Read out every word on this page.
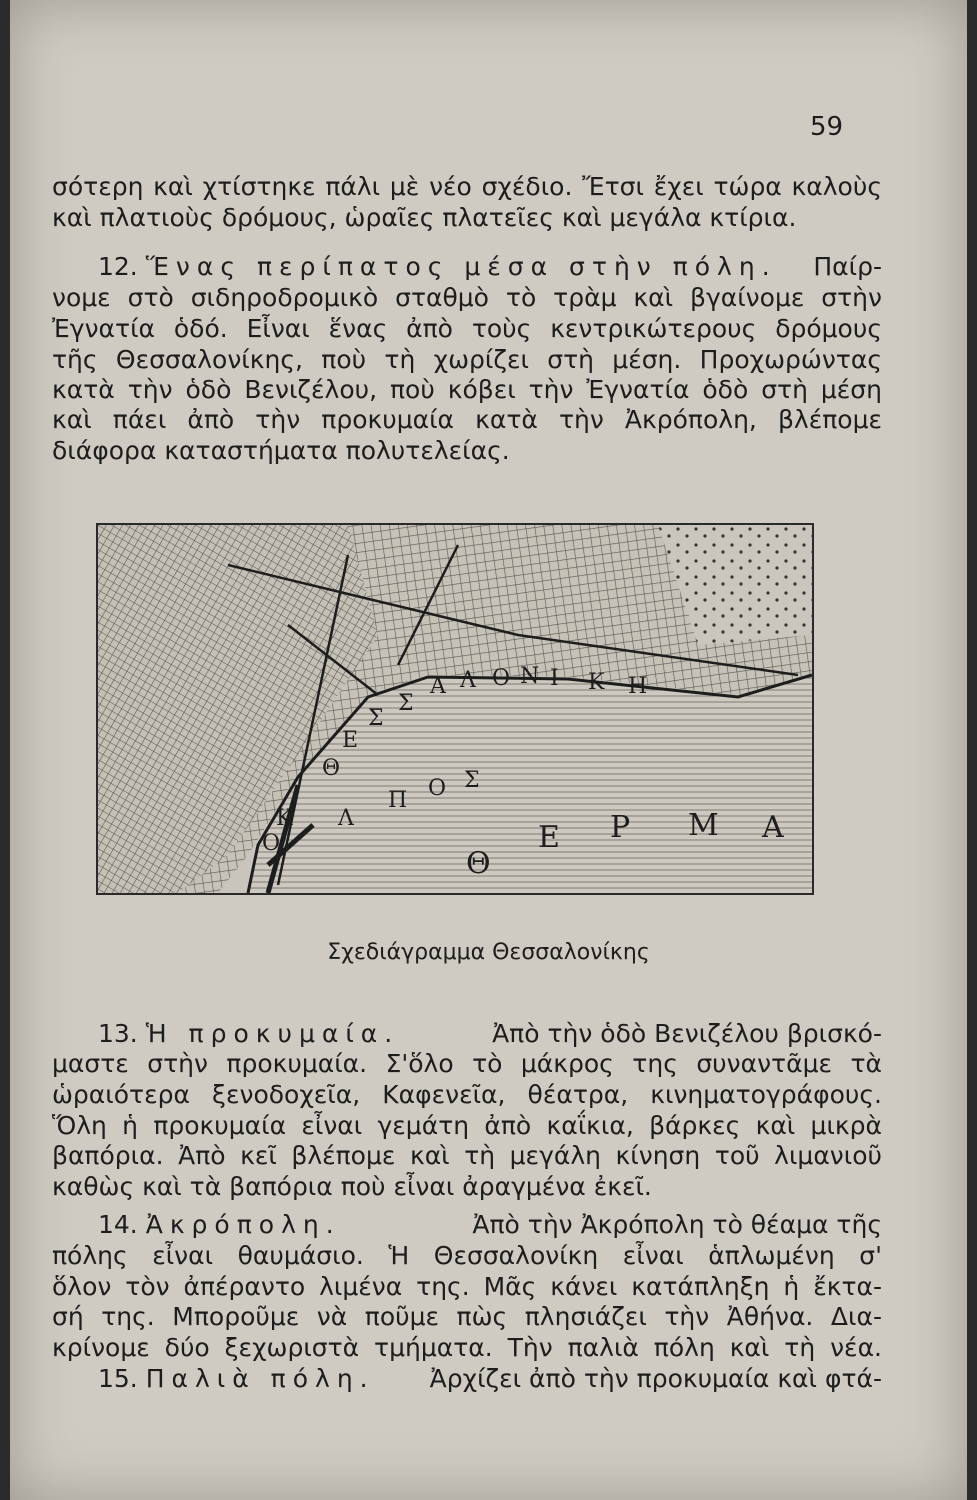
59
σότερη καὶ χτίστηκε πάλι μὲ νέο σχέδιο. Ἔτσι ἔχει τώρα καλοὺς
καὶ πλατιοὺς δρόμους, ὡραῖες πλατεῖες καὶ μεγάλα κτίρια.
12. Ἕνας περίπατος μέσα στὴν πόλη. Παίρ-
νομε στὸ σιδηροδρομικὸ σταθμὸ τὸ τρὰμ καὶ βγαίνομε στὴν
Ἐγνατία ὁδό. Εἶναι ἕνας ἀπὸ τοὺς κεντρικώτερους δρόμους
τῆς Θεσσαλονίκης, ποὺ τὴ χωρίζει στὴ μέση. Προχωρώντας
κατὰ τὴν ὁδὸ Βενιζέλου, ποὺ κόβει τὴν Ἐγνατία ὁδὸ στὴ μέση
καὶ πάει ἀπὸ τὴν προκυμαία κατὰ τὴν Ἀκρόπολη, βλέπομε
διάφορα καταστήματα πολυτελείας.
Θ
Ε
Σ
Σ
Α Λ Ο Ν Ι Κ Η
Θ
Ε Ρ Μ Α
Κ
Ο
Λ
Π Ο Σ
Σχεδιάγραμμα Θεσσαλονίκης
13. Ἡ προκυμαία.	Ἀπὸ τὴν ὁδὸ Βενιζέλου βρισκό-
μαστε στὴν προκυμαία. Σ'ὅλο τὸ μάκρος της συναντᾶμε τὰ
ὡραιότερα ξενοδοχεῖα, Καφενεῖα, θέατρα, κινηματογράφους.
Ὅλη ἡ προκυμαία εἶναι γεμάτη ἀπὸ καΐκια, βάρκες καὶ μικρὰ
βαπόρια. Ἀπὸ κεῖ βλέπομε καὶ τὴ μεγάλη κίνηση τοῦ λιμανιοῦ
καθὼς καὶ τὰ βαπόρια ποὺ εἶναι ἀραγμένα ἐκεῖ.
14. Ἀκρόπολη.	Ἀπὸ τὴν Ἀκρόπολη τὸ θέαμα τῆς
πόλης εἶναι θαυμάσιο. Ἡ Θεσσαλονίκη εἶναι ἁπλωμένη σ'
ὅλον τὸν ἀπέραντο λιμένα της. Μᾶς κάνει κατάπληξη ἡ ἔκτα-
σή της. Μποροῦμε νὰ ποῦμε πὼς πλησιάζει τὴν Ἀθήνα. Δια-
κρίνομε δύο ξεχωριστὰ τμήματα. Τὴν παλιὰ πόλη καὶ τὴ νέα.
15. Παλιὰ πόλη. Ἀρχίζει ἀπὸ τὴν προκυμαία καὶ φτά-
